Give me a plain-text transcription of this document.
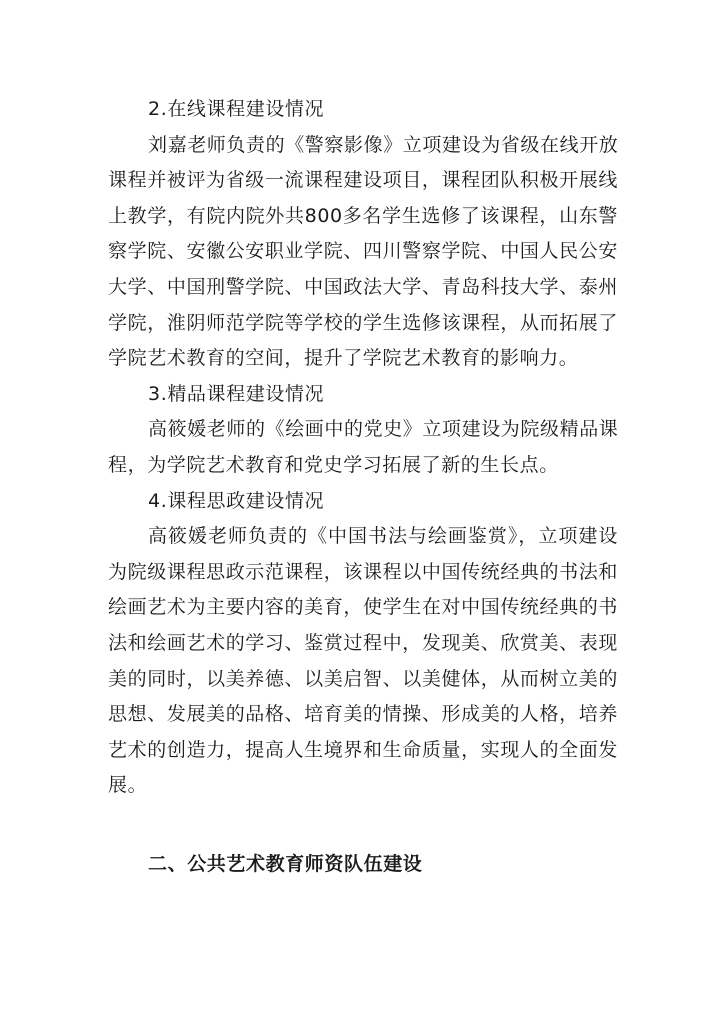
2.在线课程建设情况
刘嘉老师负责的《警察影像》立项建设为省级在线开放
课程并被评为省级一流课程建设项目，课程团队积极开展线
上教学，有院内院外共800多名学生选修了该课程，山东警
察学院、安徽公安职业学院、四川警察学院、中国人民公安
大学、中国刑警学院、中国政法大学、青岛科技大学、泰州
学院，淮阴师范学院等学校的学生选修该课程，从而拓展了
学院艺术教育的空间，提升了学院艺术教育的影响力。
3.精品课程建设情况
高筱媛老师的《绘画中的党史》立项建设为院级精品课
程，为学院艺术教育和党史学习拓展了新的生长点。
4.课程思政建设情况
高筱媛老师负责的《中国书法与绘画鉴赏》，立项建设
为院级课程思政示范课程，该课程以中国传统经典的书法和
绘画艺术为主要内容的美育，使学生在对中国传统经典的书
法和绘画艺术的学习、鉴赏过程中，发现美、欣赏美、表现
美的同时，以美养德、以美启智、以美健体，从而树立美的
思想、发展美的品格、培育美的情操、形成美的人格，培养
艺术的创造力，提高人生境界和生命质量，实现人的全面发
展。
二、公共艺术教育师资队伍建设
